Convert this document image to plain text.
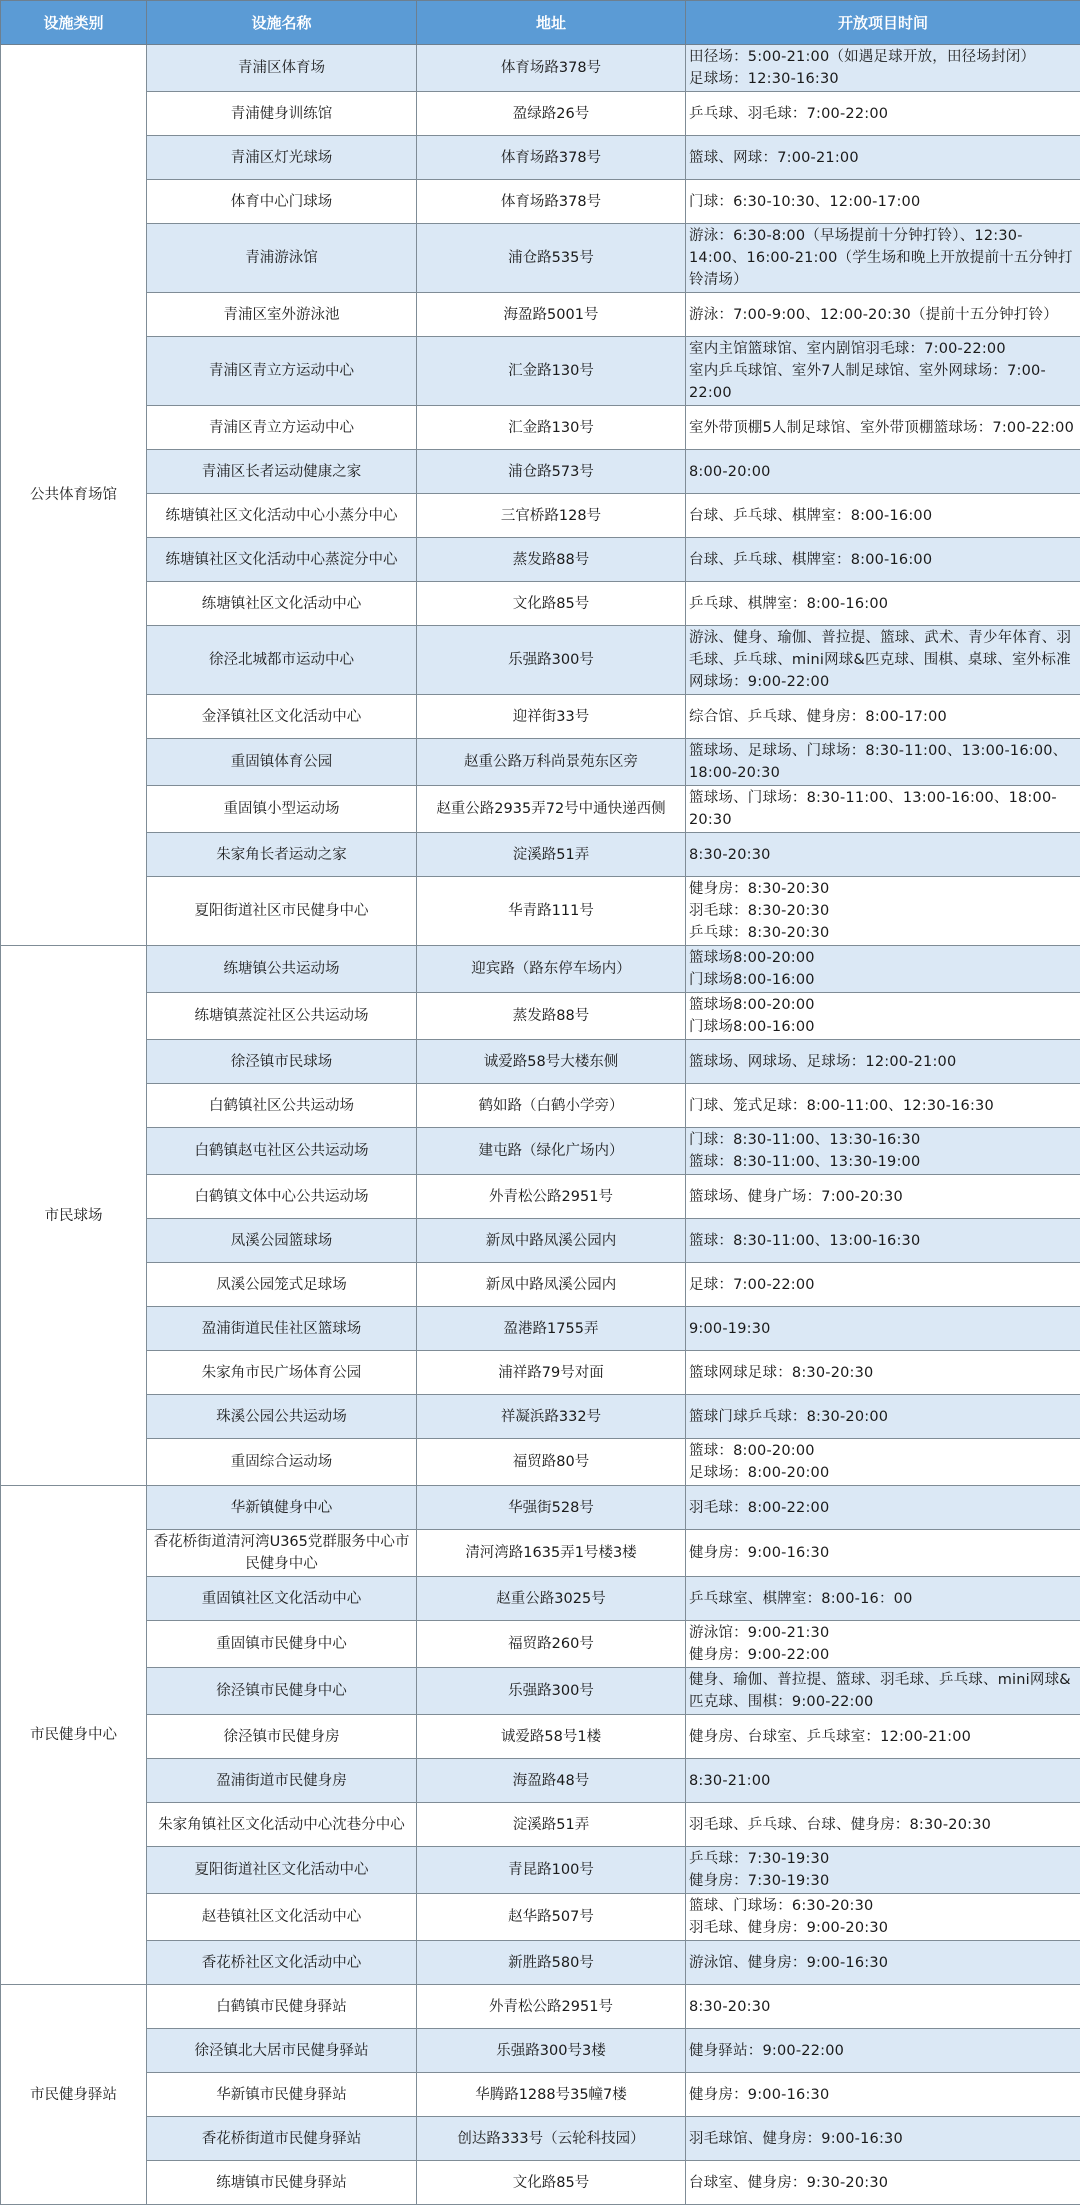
设施类别	设施名称	地址	开放项目时间
公共体育场馆	青浦区体育场	体育场路378号	田径场：5:00-21:00（如遇足球开放，田径场封闭）
足球场：12:30-16:30
	青浦健身训练馆	盈绿路26号	乒乓球、羽毛球：7:00-22:00
	青浦区灯光球场	体育场路378号	篮球、网球：7:00-21:00
	体育中心门球场	体育场路378号	门球：6:30-10:30、12:00-17:00
	青浦游泳馆	浦仓路535号	游泳：6:30-8:00（早场提前十分钟打铃）、12:30-14:00、16:00-21:00（学生场和晚上开放提前十五分钟打铃清场）
	青浦区室外游泳池	海盈路5001号	游泳：7:00-9:00、12:00-20:30（提前十五分钟打铃）
	青浦区青立方运动中心	汇金路130号	室内主馆篮球馆、室内剧馆羽毛球：7:00-22:00
室内乒乓球馆、室外7人制足球馆、室外网球场：7:00-22:00
	青浦区青立方运动中心	汇金路130号	室外带顶棚5人制足球馆、室外带顶棚篮球场：7:00-22:00
	青浦区长者运动健康之家	浦仓路573号	8:00-20:00
	练塘镇社区文化活动中心小蒸分中心	三官桥路128号	台球、乒乓球、棋牌室：8:00-16:00
	练塘镇社区文化活动中心蒸淀分中心	蒸发路88号	台球、乒乓球、棋牌室：8:00-16:00
	练塘镇社区文化活动中心	文化路85号	乒乓球、棋牌室：8:00-16:00
	徐泾北城都市运动中心	乐强路300号	游泳、健身、瑜伽、普拉提、篮球、武术、青少年体育、羽毛球、乒乓球、mini网球&匹克球、围棋、桌球、室外标准网球场：9:00-22:00
	金泽镇社区文化活动中心	迎祥街33号	综合馆、乒乓球、健身房：8:00-17:00
	重固镇体育公园	赵重公路万科尚景苑东区旁	篮球场、足球场、门球场：8:30-11:00、13:00-16:00、18:00-20:30
	重固镇小型运动场	赵重公路2935弄72号中通快递西侧	篮球场、门球场：8:30-11:00、13:00-16:00、18:00-20:30
	朱家角长者运动之家	淀溪路51弄	8:30-20:30
	夏阳街道社区市民健身中心	华青路111号	健身房：8:30-20:30
羽毛球：8:30-20:30
乒乓球：8:30-20:30
市民球场	练塘镇公共运动场	迎宾路（路东停车场内）	篮球场8:00-20:00
门球场8:00-16:00
	练塘镇蒸淀社区公共运动场	蒸发路88号	篮球场8:00-20:00
门球场8:00-16:00
	徐泾镇市民球场	诚爱路58号大楼东侧	篮球场、网球场、足球场：12:00-21:00
	白鹤镇社区公共运动场	鹤如路（白鹤小学旁）	门球、笼式足球：8:00-11:00、12:30-16:30
	白鹤镇赵屯社区公共运动场	建屯路（绿化广场内）	门球：8:30-11:00、13:30-16:30
篮球：8:30-11:00、13:30-19:00
	白鹤镇文体中心公共运动场	外青松公路2951号	篮球场、健身广场：7:00-20:30
	凤溪公园篮球场	新凤中路凤溪公园内	篮球：8:30-11:00、13:00-16:30
	凤溪公园笼式足球场	新凤中路凤溪公园内	足球：7:00-22:00
	盈浦街道民佳社区篮球场	盈港路1755弄	9:00-19:30
	朱家角市民广场体育公园	浦祥路79号对面	篮球网球足球：8:30-20:30
	珠溪公园公共运动场	祥凝浜路332号	篮球门球乒乓球：8:30-20:00
	重固综合运动场	福贸路80号	篮球：8:00-20:00
足球场：8:00-20:00
市民健身中心	华新镇健身中心	华强街528号	羽毛球：8:00-22:00
	香花桥街道清河湾U365党群服务中心市民健身中心	清河湾路1635弄1号楼3楼	健身房：9:00-16:30
	重固镇社区文化活动中心	赵重公路3025号	乒乓球室、棋牌室：8:00-16：00
	重固镇市民健身中心	福贸路260号	游泳馆：9:00-21:30
健身房：9:00-22:00
	徐泾镇市民健身中心	乐强路300号	健身、瑜伽、普拉提、篮球、羽毛球、乒乓球、mini网球&匹克球、围棋：9:00-22:00
	徐泾镇市民健身房	诚爱路58号1楼	健身房、台球室、乒乓球室：12:00-21:00
	盈浦街道市民健身房	海盈路48号	8:30-21:00
	朱家角镇社区文化活动中心沈巷分中心	淀溪路51弄	羽毛球、乒乓球、台球、健身房：8:30-20:30
	夏阳街道社区文化活动中心	青昆路100号	乒乓球：7:30-19:30
健身房：7:30-19:30
	赵巷镇社区文化活动中心	赵华路507号	篮球、门球场：6:30-20:30
羽毛球、健身房：9:00-20:30
	香花桥社区文化活动中心	新胜路580号	游泳馆、健身房：9:00-16:30
市民健身驿站	白鹤镇市民健身驿站	外青松公路2951号	8:30-20:30
	徐泾镇北大居市民健身驿站	乐强路300号3楼	健身驿站：9:00-22:00
	华新镇市民健身驿站	华腾路1288号35幢7楼	健身房：9:00-16:30
	香花桥街道市民健身驿站	创达路333号（云轮科技园）	羽毛球馆、健身房：9:00-16:30
	练塘镇市民健身驿站	文化路85号	台球室、健身房：9:30-20:30
